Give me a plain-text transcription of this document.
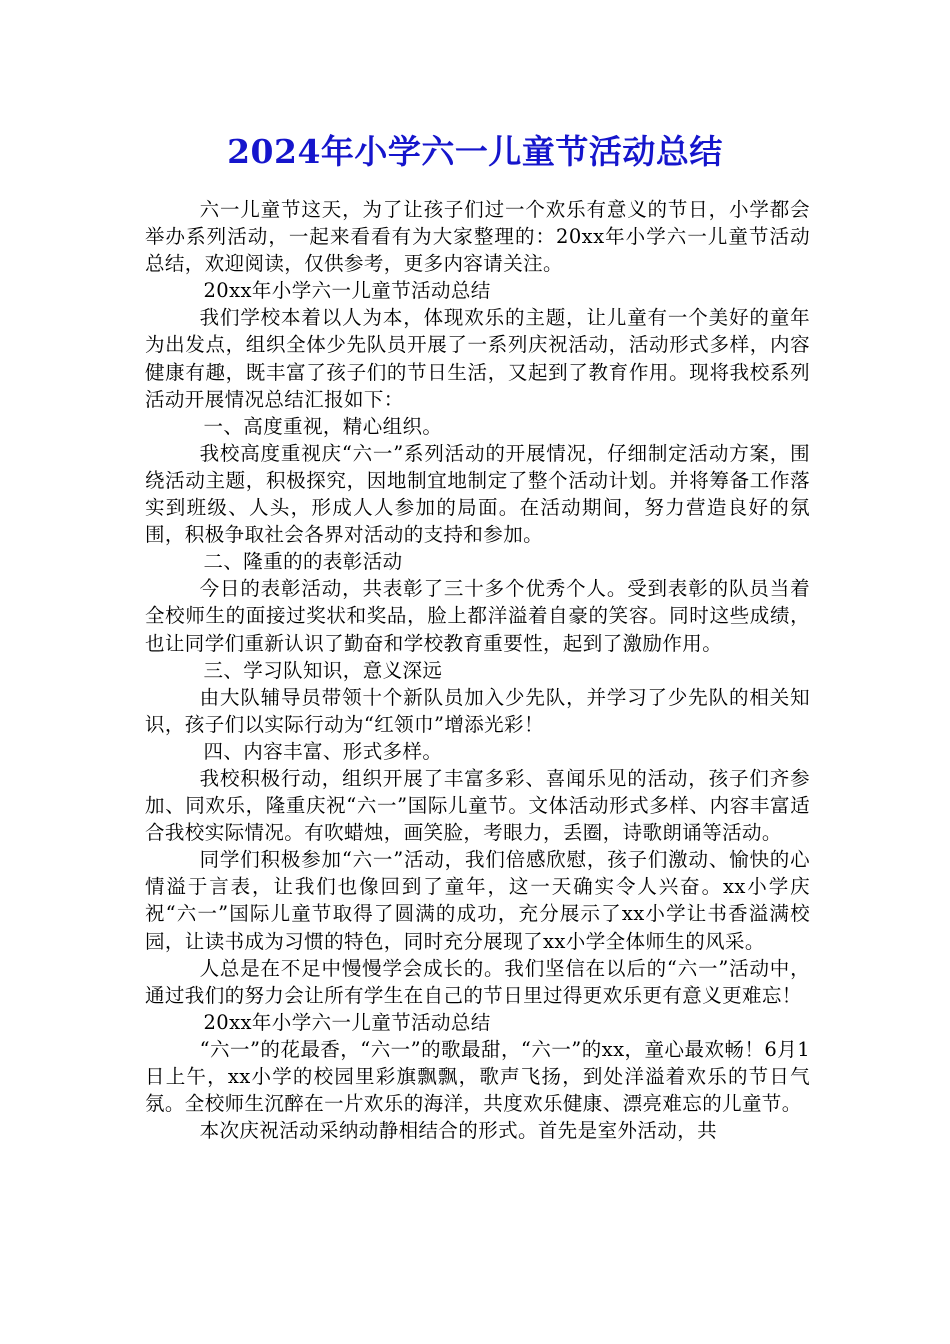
2024年小学六一儿童节活动总结

六一儿童节这天，为了让孩子们过一个欢乐有意义的节日，小学都会举办系列活动，一起来看看有为大家整理的：20xx年小学六一儿童节活动总结，欢迎阅读，仅供参考，更多内容请关注。

20xx年小学六一儿童节活动总结

我们学校本着以人为本，体现欢乐的主题，让儿童有一个美好的童年为出发点，组织全体少先队员开展了一系列庆祝活动，活动形式多样，内容健康有趣，既丰富了孩子们的节日生活，又起到了教育作用。现将我校系列活动开展情况总结汇报如下：

一、高度重视，精心组织。

我校高度重视庆“六一”系列活动的开展情况，仔细制定活动方案，围绕活动主题，积极探究，因地制宜地制定了整个活动计划。并将筹备工作落实到班级、人头，形成人人参加的局面。在活动期间，努力营造良好的氛围，积极争取社会各界对活动的支持和参加。

二、隆重的的表彰活动

今日的表彰活动，共表彰了三十多个优秀个人。受到表彰的队员当着全校师生的面接过奖状和奖品，脸上都洋溢着自豪的笑容。同时这些成绩，也让同学们重新认识了勤奋和学校教育重要性，起到了激励作用。

三、学习队知识，意义深远

由大队辅导员带领十个新队员加入少先队，并学习了少先队的相关知识，孩子们以实际行动为“红领巾”增添光彩！

四、内容丰富、形式多样。

我校积极行动，组织开展了丰富多彩、喜闻乐见的活动，孩子们齐参加、同欢乐，隆重庆祝“六一”国际儿童节。文体活动形式多样、内容丰富适合我校实际情况。有吹蜡烛，画笑脸，考眼力，丢圈，诗歌朗诵等活动。

同学们积极参加“六一”活动，我们倍感欣慰，孩子们激动、愉快的心情溢于言表，让我们也像回到了童年，这一天确实令人兴奋。xx小学庆祝“六一”国际儿童节取得了圆满的成功，充分展示了xx小学让书香溢满校园，让读书成为习惯的特色，同时充分展现了xx小学全体师生的风采。

人总是在不足中慢慢学会成长的。我们坚信在以后的“六一”活动中，通过我们的努力会让所有学生在自己的节日里过得更欢乐更有意义更难忘！

20xx年小学六一儿童节活动总结

“六一”的花最香，“六一”的歌最甜，“六一”的xx，童心最欢畅！6月1日上午，xx小学的校园里彩旗飘飘，歌声飞扬，到处洋溢着欢乐的节日气氛。全校师生沉醉在一片欢乐的海洋，共度欢乐健康、漂亮难忘的儿童节。

本次庆祝活动采纳动静相结合的形式。首先是室外活动，共
